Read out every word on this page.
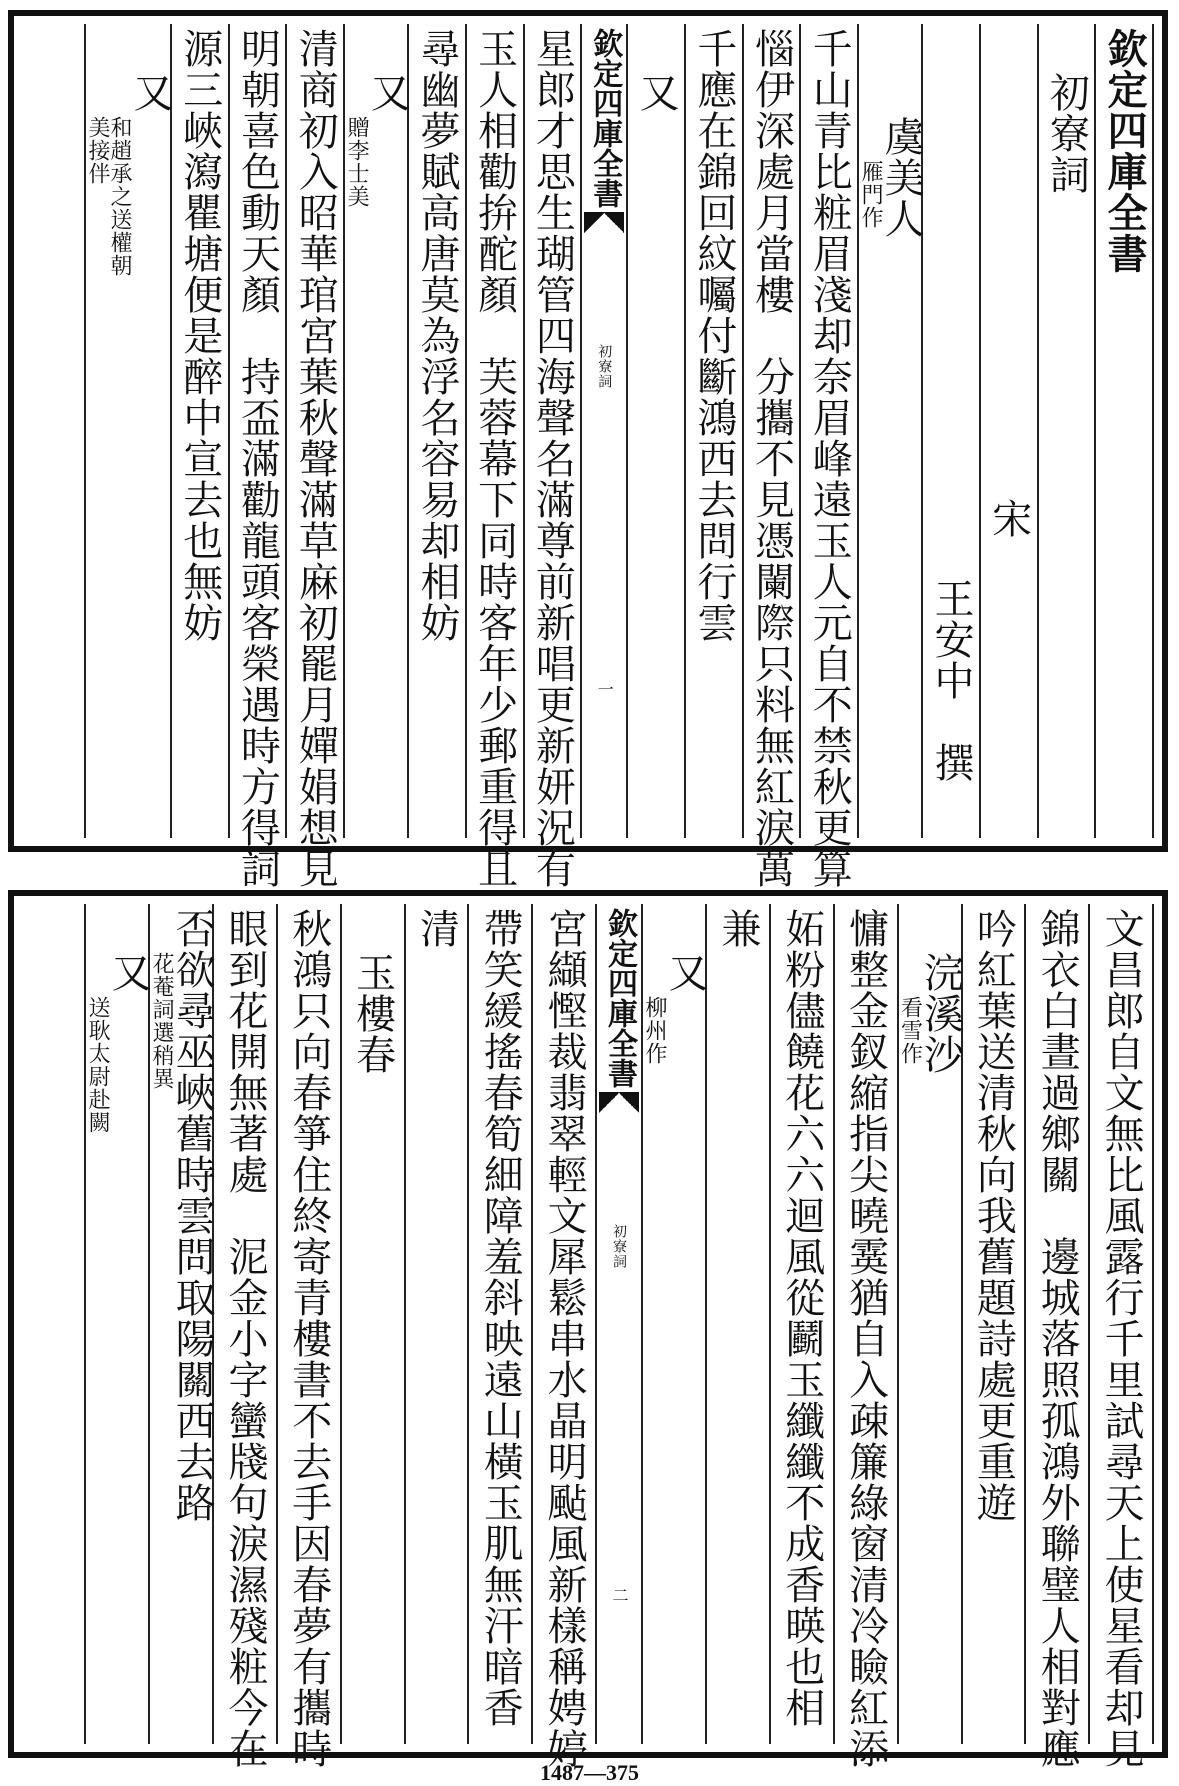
欽定四庫全書
初寮詞
宋
王安中　撰
虞美人
雁門作
千山青比粧眉淺却奈眉峰遠玉人元自不禁秋更算
惱伊深處月當樓　分攜不見憑闌際只料無紅淚萬
千應在錦回紋囑付斷鴻西去問行雲
又
欽定四庫全書
初寮詞
一
星郎才思生瑚管四海聲名滿尊前新唱更新妍況有
玉人相勸拚酡顏　芙蓉幕下同時客年少郵重得且
尋幽夢賦高唐莫為浮名容易却相妨
又
贈李士美
清商初入昭華琯宮葉秋聲滿草麻初罷月嬋娟想見
明朝喜色動天顏　持盃滿勸龍頭客榮遇時方得詞
源三峽瀉瞿塘便是醉中宣去也無妨
又
和趙承之送權朝美接伴
文昌郎自文無比風露行千里試尋天上使星看却見
錦衣白晝過鄉關　邊城落照孤鴻外聯璧人相對應
吟紅葉送清秋向我舊題詩處更重遊
浣溪沙
看雪作
慵整金釵縮指尖曉霙猶自入疎簾綠窗清冷瞼紅添
妬粉儘饒花六六迴風從鬬玉纖纖不成香暎也相
兼
又
柳州作
欽定四庫全書
初寮詞
二
宮纈慳裁翡翠輕文犀鬆串水晶明颭風新樣稱娉婷
帶笑緩搖春筍細障羞斜映遠山橫玉肌無汗暗香
清
玉樓春
秋鴻只向春箏住終寄青樓書不去手因春夢有攜時
眼到花開無著處　泥金小字蠻牋句淚濕殘粧今在
否欲尋巫峽舊時雲問取陽關西去路
花菴詞選稍異
又
送耿太尉赴闕
1487—375
